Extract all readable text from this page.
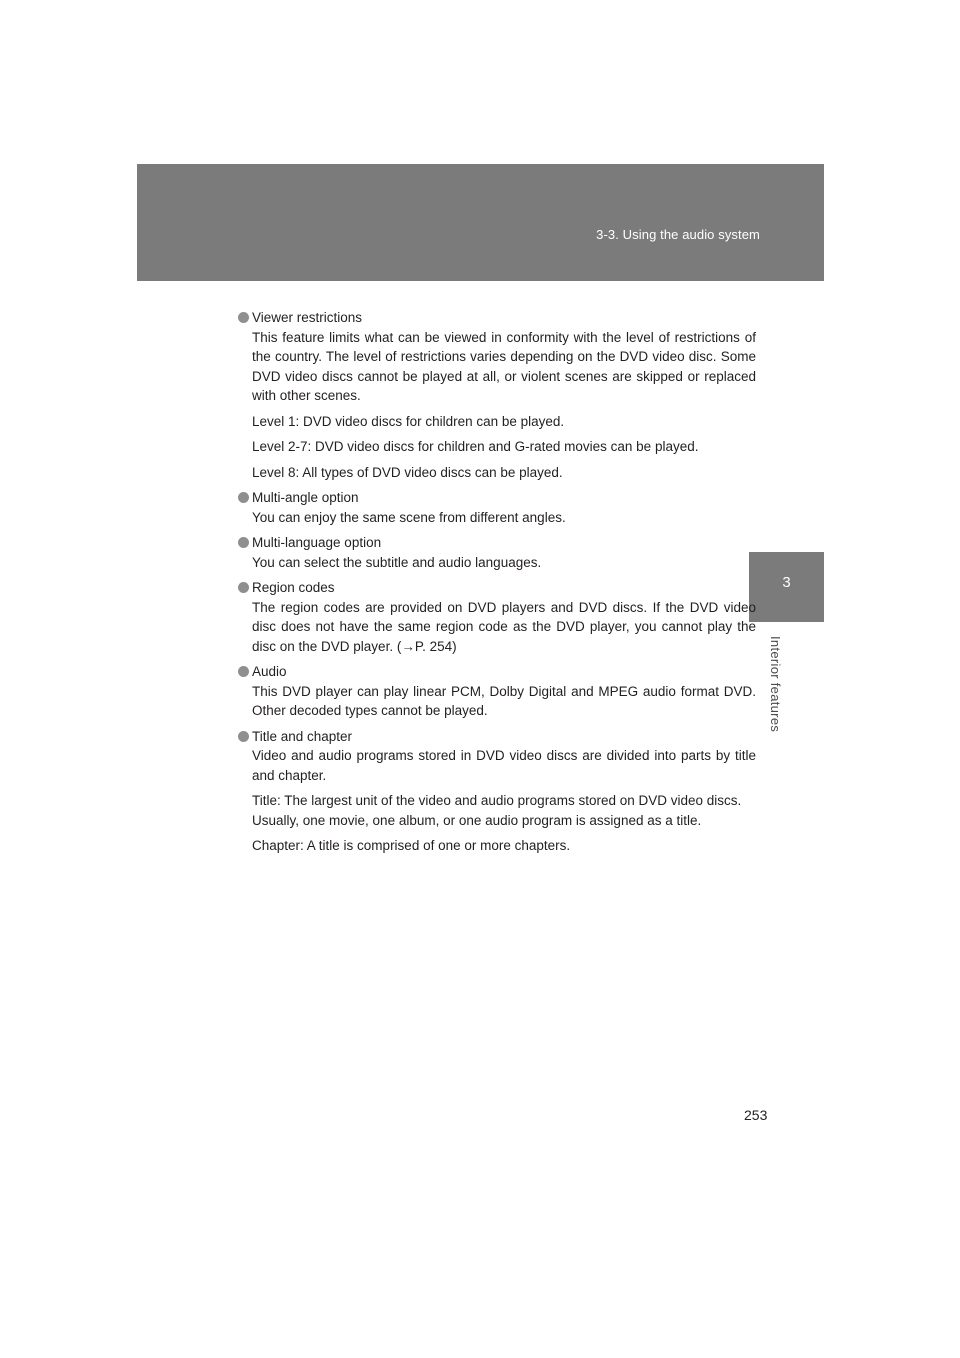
3-3. Using the audio system
3
Interior features
Viewer restrictions
This feature limits what can be viewed in conformity with the level of restrictions of the country. The level of restrictions varies depending on the DVD video disc. Some DVD video discs cannot be played at all, or violent scenes are skipped or replaced with other scenes.
Level 1: DVD video discs for children can be played.
Level 2-7: DVD video discs for children and G-rated movies can be played.
Level 8: All types of DVD video discs can be played.
Multi-angle option
You can enjoy the same scene from different angles.
Multi-language option
You can select the subtitle and audio languages.
Region codes
The region codes are provided on DVD players and DVD discs. If the DVD video disc does not have the same region code as the DVD player, you cannot play the disc on the DVD player. (→P. 254)
Audio
This DVD player can play linear PCM, Dolby Digital and MPEG audio format DVD. Other decoded types cannot be played.
Title and chapter
Video and audio programs stored in DVD video discs are divided into parts by title and chapter.
Title: The largest unit of the video and audio programs stored on DVD video discs. Usually, one movie, one album, or one audio program is assigned as a title.
Chapter: A title is comprised of one or more chapters.
253
